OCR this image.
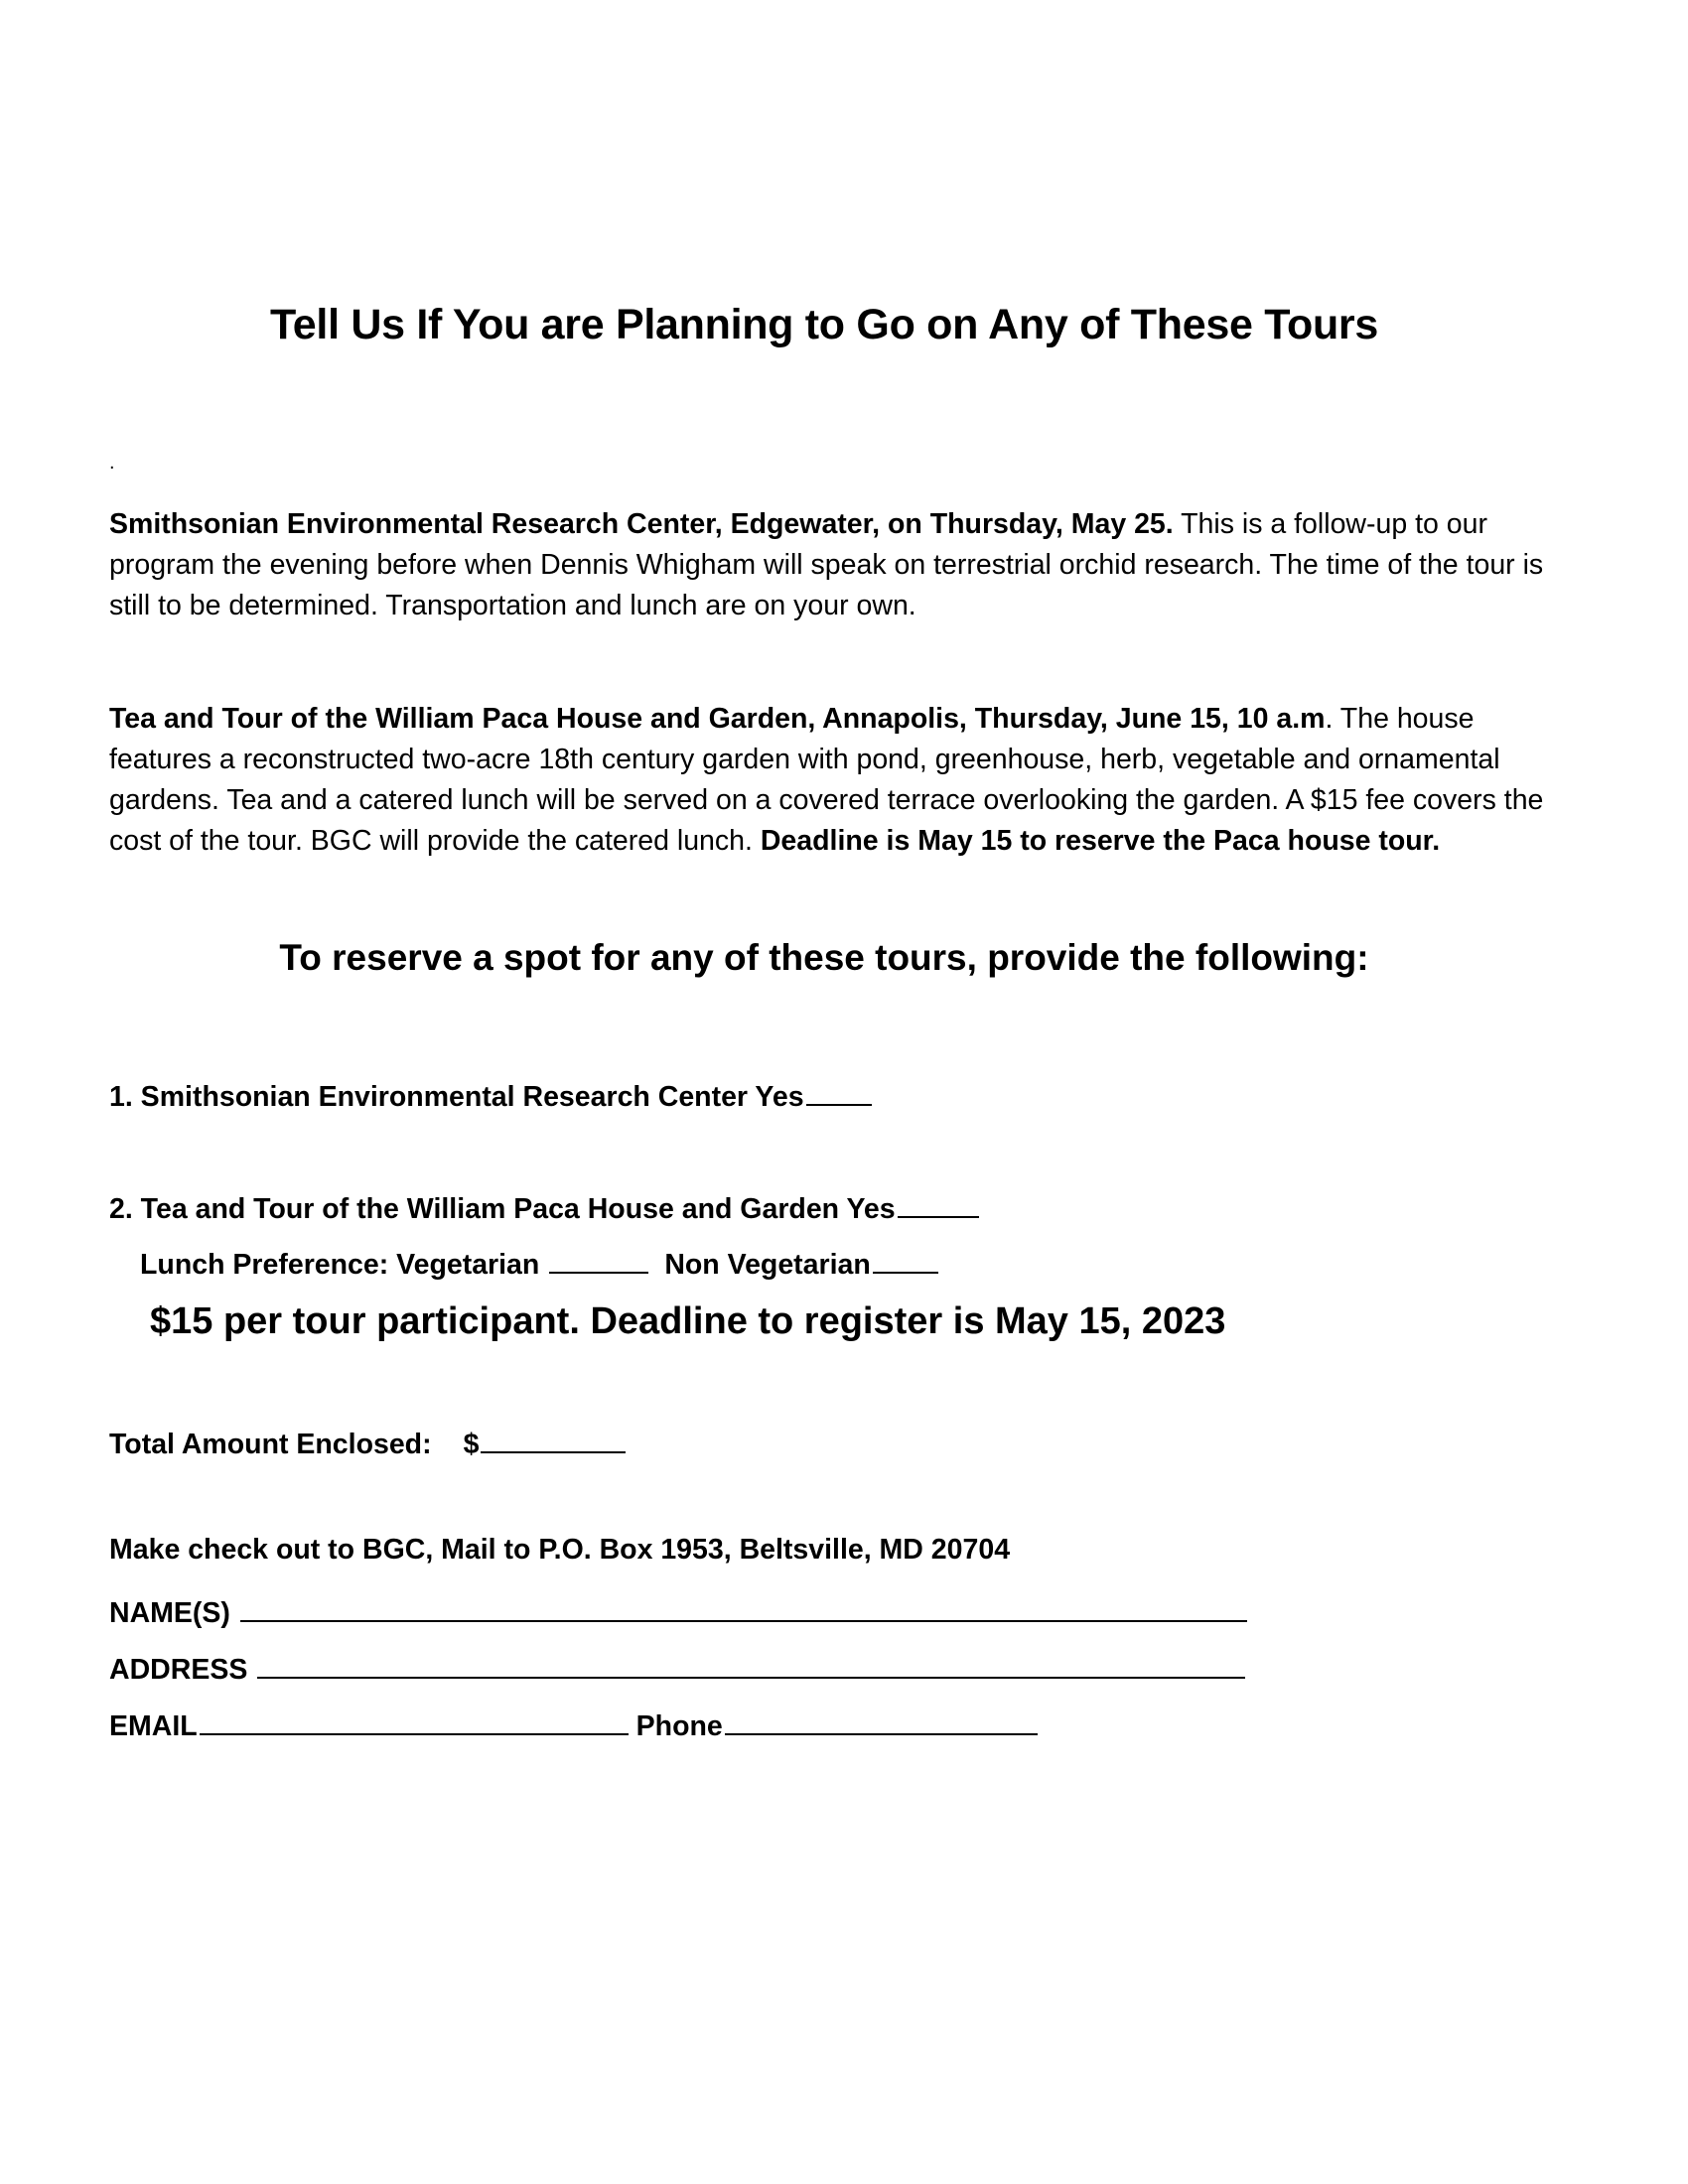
Tell Us If You are Planning to Go on Any of These Tours
.
Smithsonian Environmental Research Center, Edgewater, on Thursday, May 25. This is a follow-up to our program the evening before when Dennis Whigham will speak on terrestrial orchid research. The time of the tour is still to be determined. Transportation and lunch are on your own.
Tea and Tour of the William Paca House and Garden, Annapolis, Thursday, June 15, 10 a.m. The house features a reconstructed two-acre 18th century garden with pond, greenhouse, herb, vegetable and ornamental gardens. Tea and a catered lunch will be served on a covered terrace overlooking the garden. A $15 fee covers the cost of the tour. BGC will provide the catered lunch. Deadline is May 15 to reserve the Paca house tour.
To reserve a spot for any of these tours, provide the following:
1. Smithsonian Environmental Research Center Yes
2. Tea and Tour of the William Paca House and Garden Yes
Lunch Preference: Vegetarian	Non Vegetarian
$15 per tour participant. Deadline to register is May 15, 2023
Total Amount Enclosed: $
Make check out to BGC, Mail to P.O. Box 1953, Beltsville, MD 20704
NAME(S)
ADDRESS
EMAIL	Phone
